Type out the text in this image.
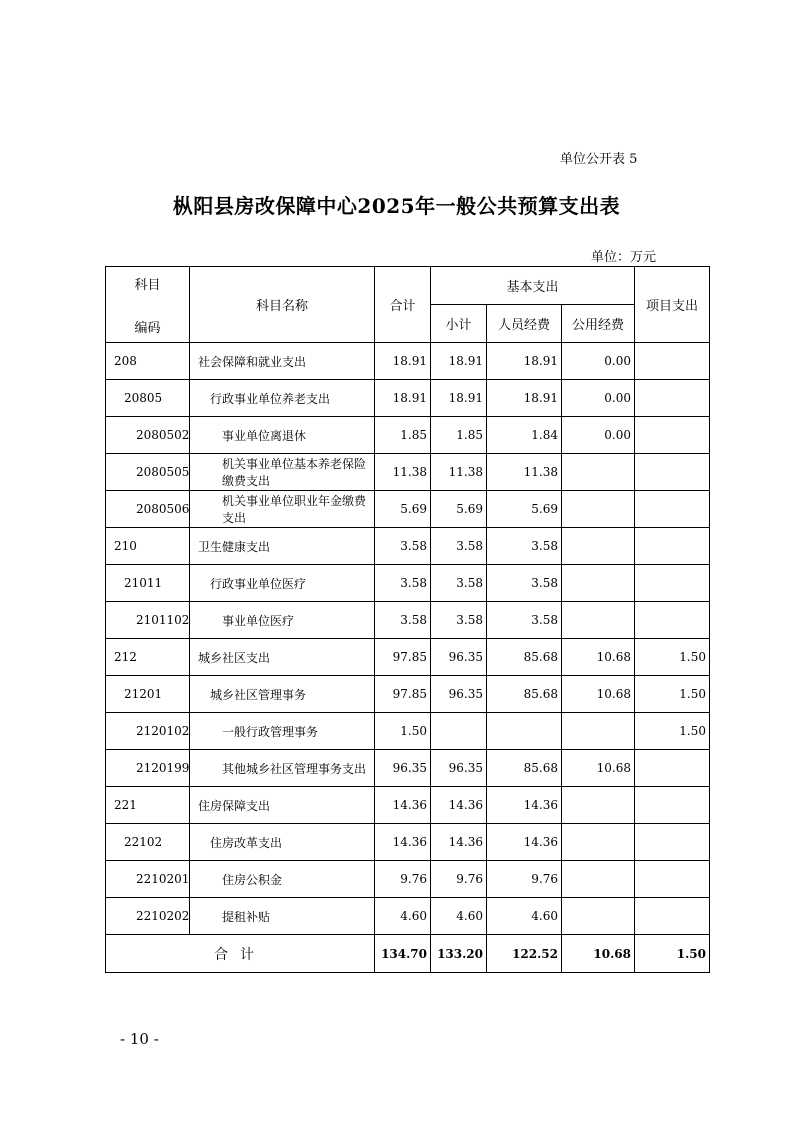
单位公开表 5
枞阳县房改保障中心2025年一般公共预算支出表
单位：万元
科目
编码	科目名称	合计	基本支出			项目支出
			小计	人员经费	公用经费	
208	社会保障和就业支出	18.91	18.91	18.91	0.00	
20805	行政事业单位养老支出	18.91	18.91	18.91	0.00	
2080502	事业单位离退休	1.85	1.85	1.84	0.00	
2080505	机关事业单位基本养老保险缴费支出	11.38	11.38	11.38		
2080506	机关事业单位职业年金缴费支出	5.69	5.69	5.69		
210	卫生健康支出	3.58	3.58	3.58		
21011	行政事业单位医疗	3.58	3.58	3.58		
2101102	事业单位医疗	3.58	3.58	3.58		
212	城乡社区支出	97.85	96.35	85.68	10.68	1.50
21201	城乡社区管理事务	97.85	96.35	85.68	10.68	1.50
2120102	一般行政管理事务	1.50				1.50
2120199	其他城乡社区管理事务支出	96.35	96.35	85.68	10.68	
221	住房保障支出	14.36	14.36	14.36		
22102	住房改革支出	14.36	14.36	14.36		
2210201	住房公积金	9.76	9.76	9.76		
2210202	提租补贴	4.60	4.60	4.60		
合计		134.70	133.20	122.52	10.68	1.50
- 10 -
